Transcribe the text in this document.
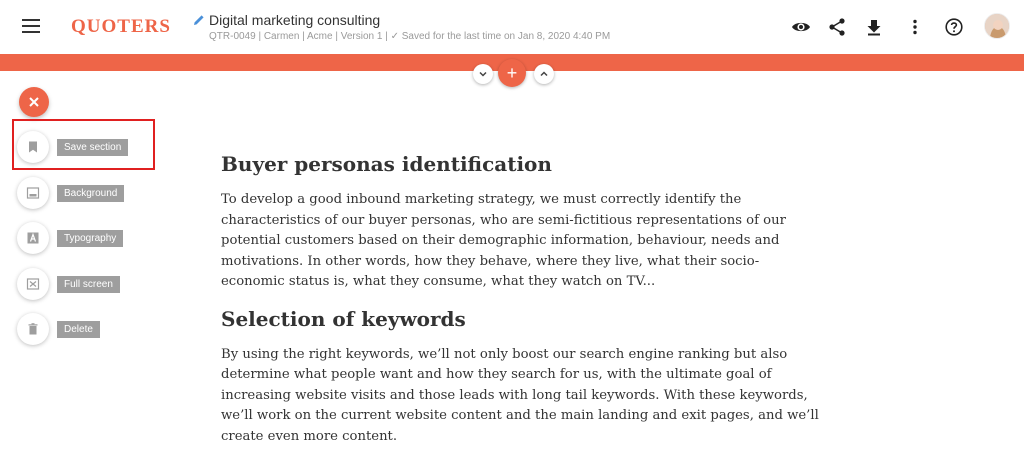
QUOTERS	Digital marketing consulting
QTR-0049 | Carmen | Acme | Version 1 | ✓ Saved for the last time on Jan 8, 2020 4:40 PM
+
Save section
Background
Typography
Full screen
Delete
Buyer personas identification

To develop a good inbound marketing strategy, we must correctly identify the characteristics of our buyer personas, who are semi-fictitious representations of our potential customers based on their demographic information, behaviour, needs and motivations. In other words, how they behave, where they live, what their socio-economic status is, what they consume, what they watch on TV...

Selection of keywords

By using the right keywords, we’ll not only boost our search engine ranking but also determine what people want and how they search for us, with the ultimate goal of increasing website visits and those leads with long tail keywords. With these keywords, we’ll work on the current website content and the main landing and exit pages, and we’ll create even more content.
